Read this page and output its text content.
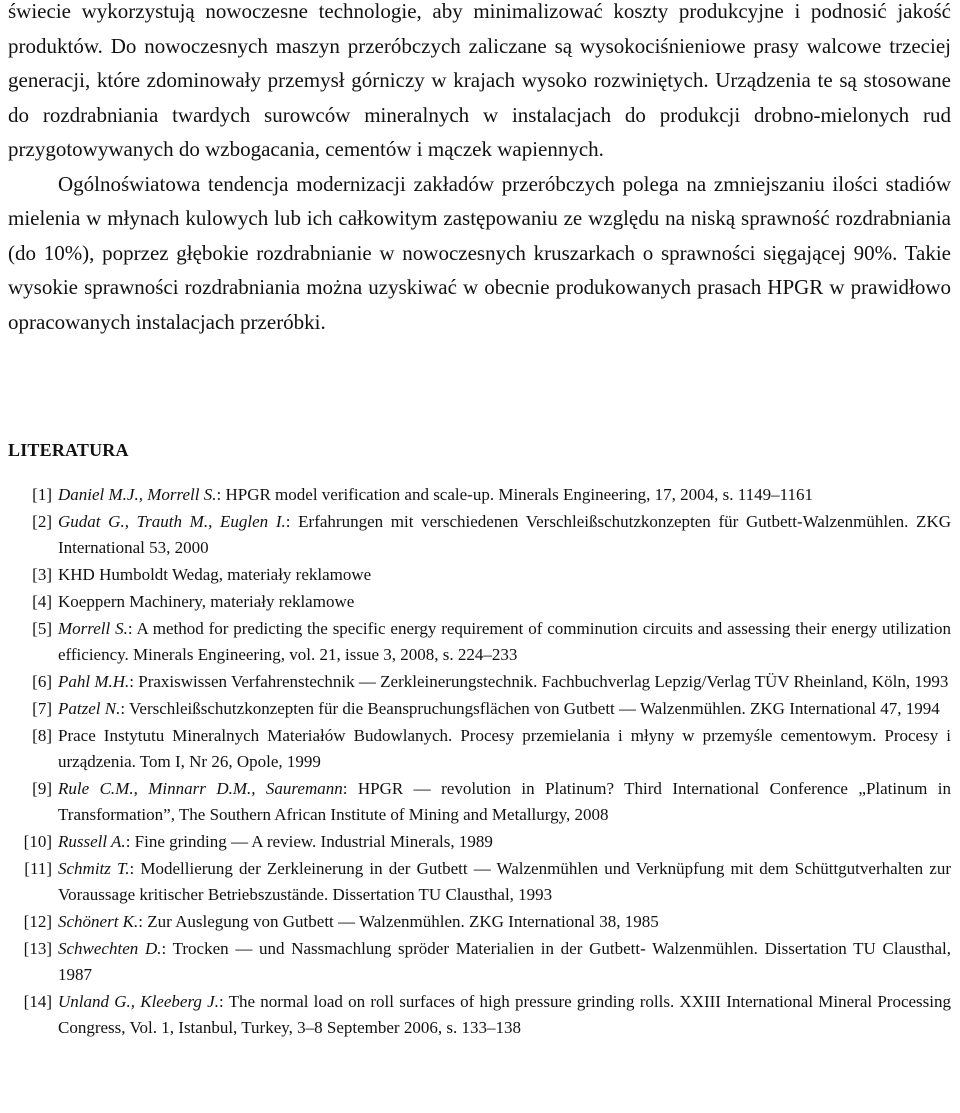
świecie wykorzystują nowoczesne technologie, aby minimalizować koszty produkcyjne i podnosić jakość produktów. Do nowoczesnych maszyn przeróbczych zaliczane są wysokociśnieniowe prasy walcowe trzeciej generacji, które zdominowały przemysł górniczy w krajach wysoko rozwiniętych. Urządzenia te są stosowane do rozdrabniania twardych surowców mineralnych w instalacjach do produkcji drobno-mielonych rud przygotowywanych do wzbogacania, cementów i mączek wapiennych.

Ogólnoświatowa tendencja modernizacji zakładów przeróbczych polega na zmniejszaniu ilości stadiów mielenia w młynach kulowych lub ich całkowitym zastępowaniu ze względu na niską sprawność rozdrabniania (do 10%), poprzez głębokie rozdrabnianie w nowoczesnych kruszarkach o sprawności sięgającej 90%. Takie wysokie sprawności rozdrabniania można uzyskiwać w obecnie produkowanych prasach HPGR w prawidłowo opracowanych instalacjach przeróbki.

LITERATURA
[1] Daniel M.J., Morrell S.: HPGR model verification and scale-up. Minerals Engineering, 17, 2004, s. 1149–1161
[2] Gudat G., Trauth M., Euglen I.: Erfahrungen mit verschiedenen Verschleißschutzkonzepten für Gutbett-Walzenmühlen. ZKG International 53, 2000
[3] KHD Humboldt Wedag, materiały reklamowe
[4] Koeppern Machinery, materiały reklamowe
[5] Morrell S.: A method for predicting the specific energy requirement of comminution circuits and assessing their energy utilization efficiency. Minerals Engineering, vol. 21, issue 3, 2008, s. 224–233
[6] Pahl M.H.: Praxiswissen Verfahrenstechnik — Zerkleinerungstechnik. Fachbuchverlag Lepzig/Verlag TÜV Rheinland, Köln, 1993
[7] Patzel N.: Verschleißschutzkonzepten für die Beanspruchungsflächen von Gutbett — Walzenmühlen. ZKG International 47, 1994
[8] Prace Instytutu Mineralnych Materiałów Budowlanych. Procesy przemielania i młyny w przemyśle cementowym. Procesy i urządzenia. Tom I, Nr 26, Opole, 1999
[9] Rule C.M., Minnarr D.M., Sauremann: HPGR — revolution in Platinum? Third International Conference „Platinum in Transformation”, The Southern African Institute of Mining and Metallurgy, 2008
[10] Russell A.: Fine grinding — A review. Industrial Minerals, 1989
[11] Schmitz T.: Modellierung der Zerkleinerung in der Gutbett — Walzenmühlen und Verknüpfung mit dem Schüttgutverhalten zur Voraussage kritischer Betriebszustände. Dissertation TU Clausthal, 1993
[12] Schönert K.: Zur Auslegung von Gutbett — Walzenmühlen. ZKG International 38, 1985
[13] Schwechten D.: Trocken — und Nassmachlung spröder Materialien in der Gutbett- Walzenmühlen. Dissertation TU Clausthal, 1987
[14] Unland G., Kleeberg J.: The normal load on roll surfaces of high pressure grinding rolls. XXIII International Mineral Processing Congress, Vol. 1, Istanbul, Turkey, 3–8 September 2006, s. 133–138
